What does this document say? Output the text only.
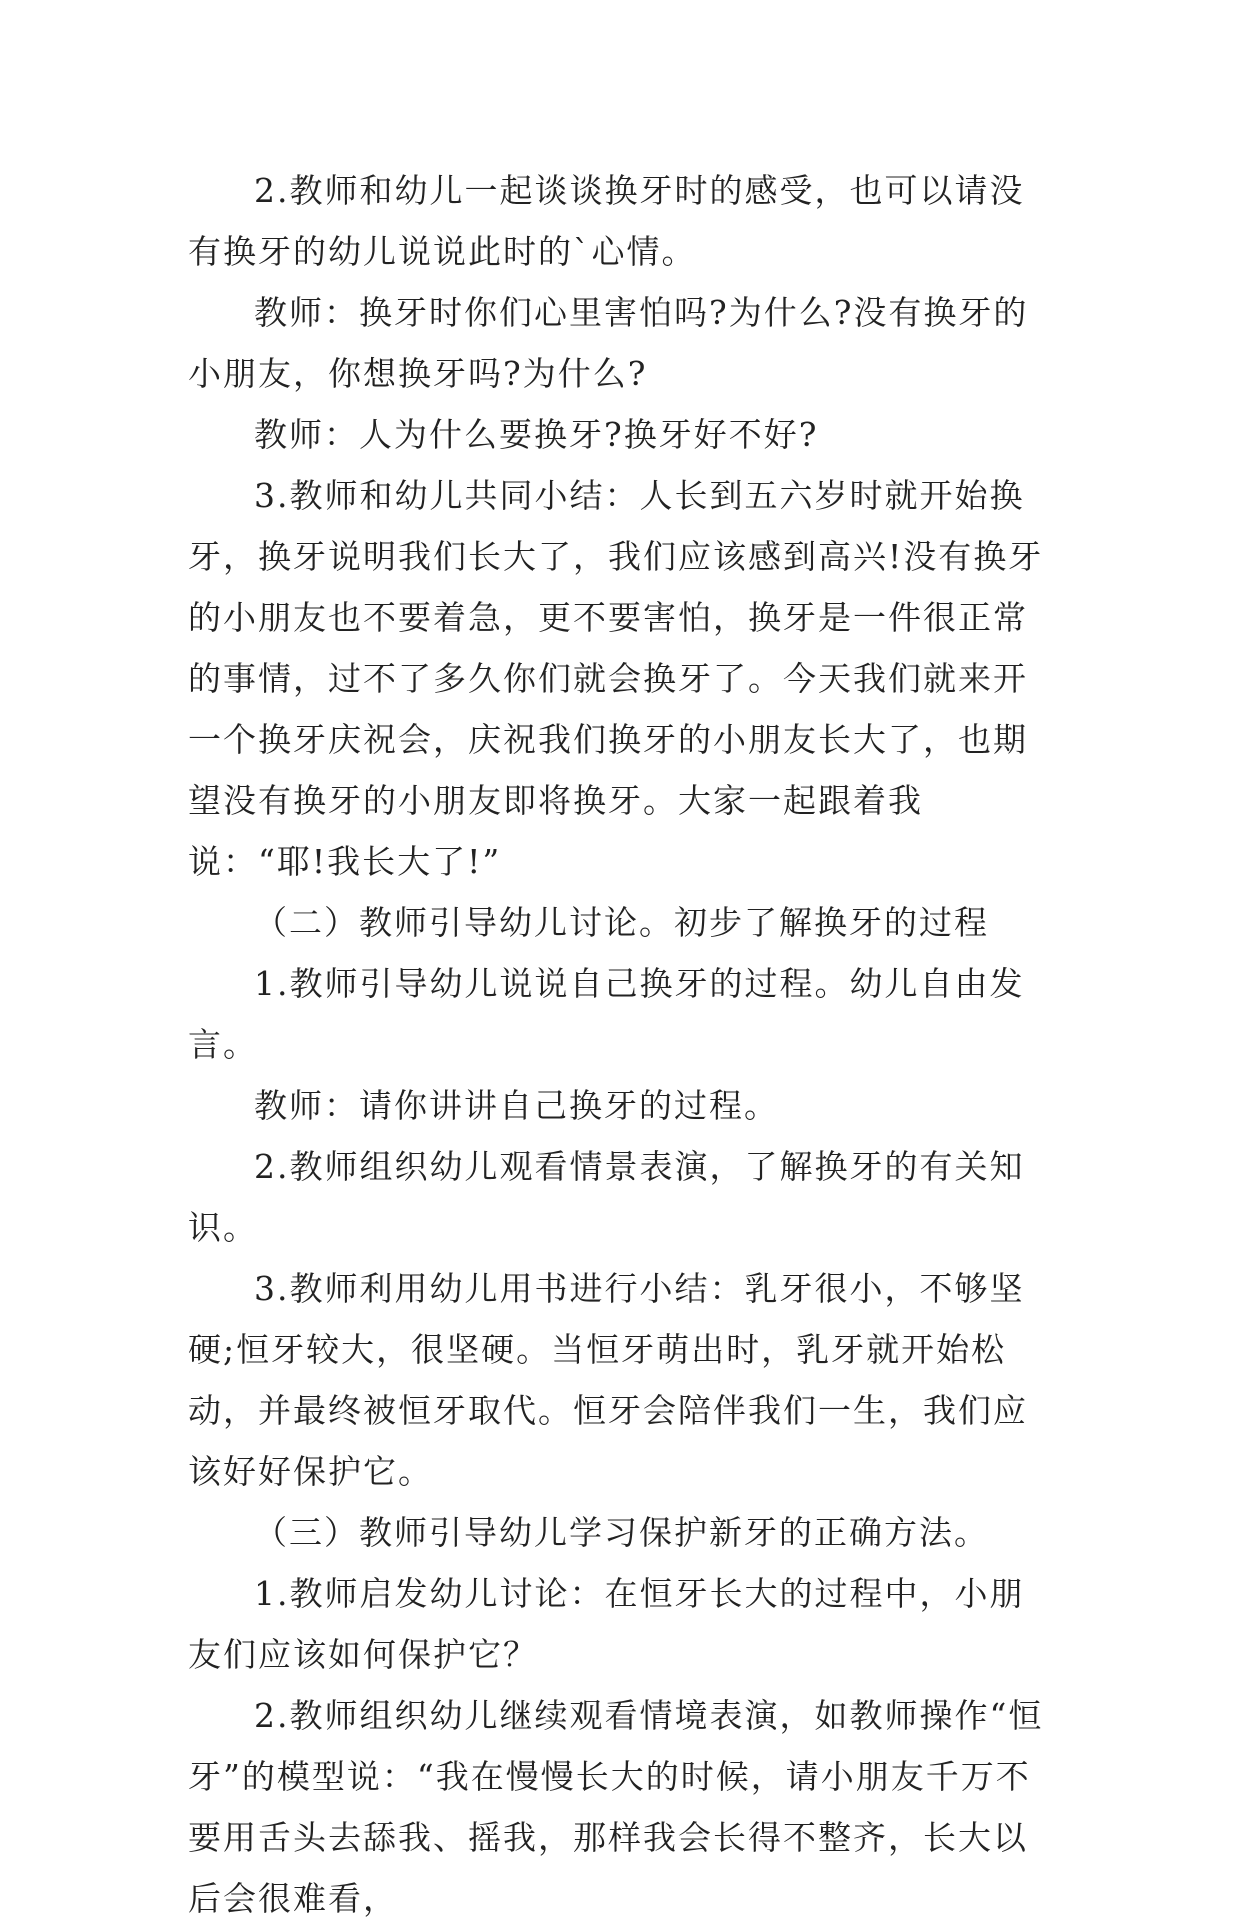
2.教师和幼儿一起谈谈换牙时的感受，也可以请没有换牙的幼儿说说此时的`心情。

教师：换牙时你们心里害怕吗?为什么?没有换牙的小朋友，你想换牙吗?为什么?

教师：人为什么要换牙?换牙好不好?

3.教师和幼儿共同小结：人长到五六岁时就开始换牙，换牙说明我们长大了，我们应该感到高兴!没有换牙的小朋友也不要着急，更不要害怕，换牙是一件很正常的事情，过不了多久你们就会换牙了。今天我们就来开一个换牙庆祝会，庆祝我们换牙的小朋友长大了，也期望没有换牙的小朋友即将换牙。大家一起跟着我说：“耶!我长大了!”

（二）教师引导幼儿讨论。初步了解换牙的过程

1.教师引导幼儿说说自己换牙的过程。幼儿自由发言。

教师：请你讲讲自己换牙的过程。

2.教师组织幼儿观看情景表演，了解换牙的有关知识。

3.教师利用幼儿用书进行小结：乳牙很小，不够坚硬;恒牙较大，很坚硬。当恒牙萌出时，乳牙就开始松动，并最终被恒牙取代。恒牙会陪伴我们一生，我们应该好好保护它。

（三）教师引导幼儿学习保护新牙的正确方法。

1.教师启发幼儿讨论：在恒牙长大的过程中，小朋友们应该如何保护它？

2.教师组织幼儿继续观看情境表演，如教师操作“恒牙”的模型说：“我在慢慢长大的时候，请小朋友千万不要用舌头去舔我、摇我，那样我会长得不整齐，长大以后会很难看，
